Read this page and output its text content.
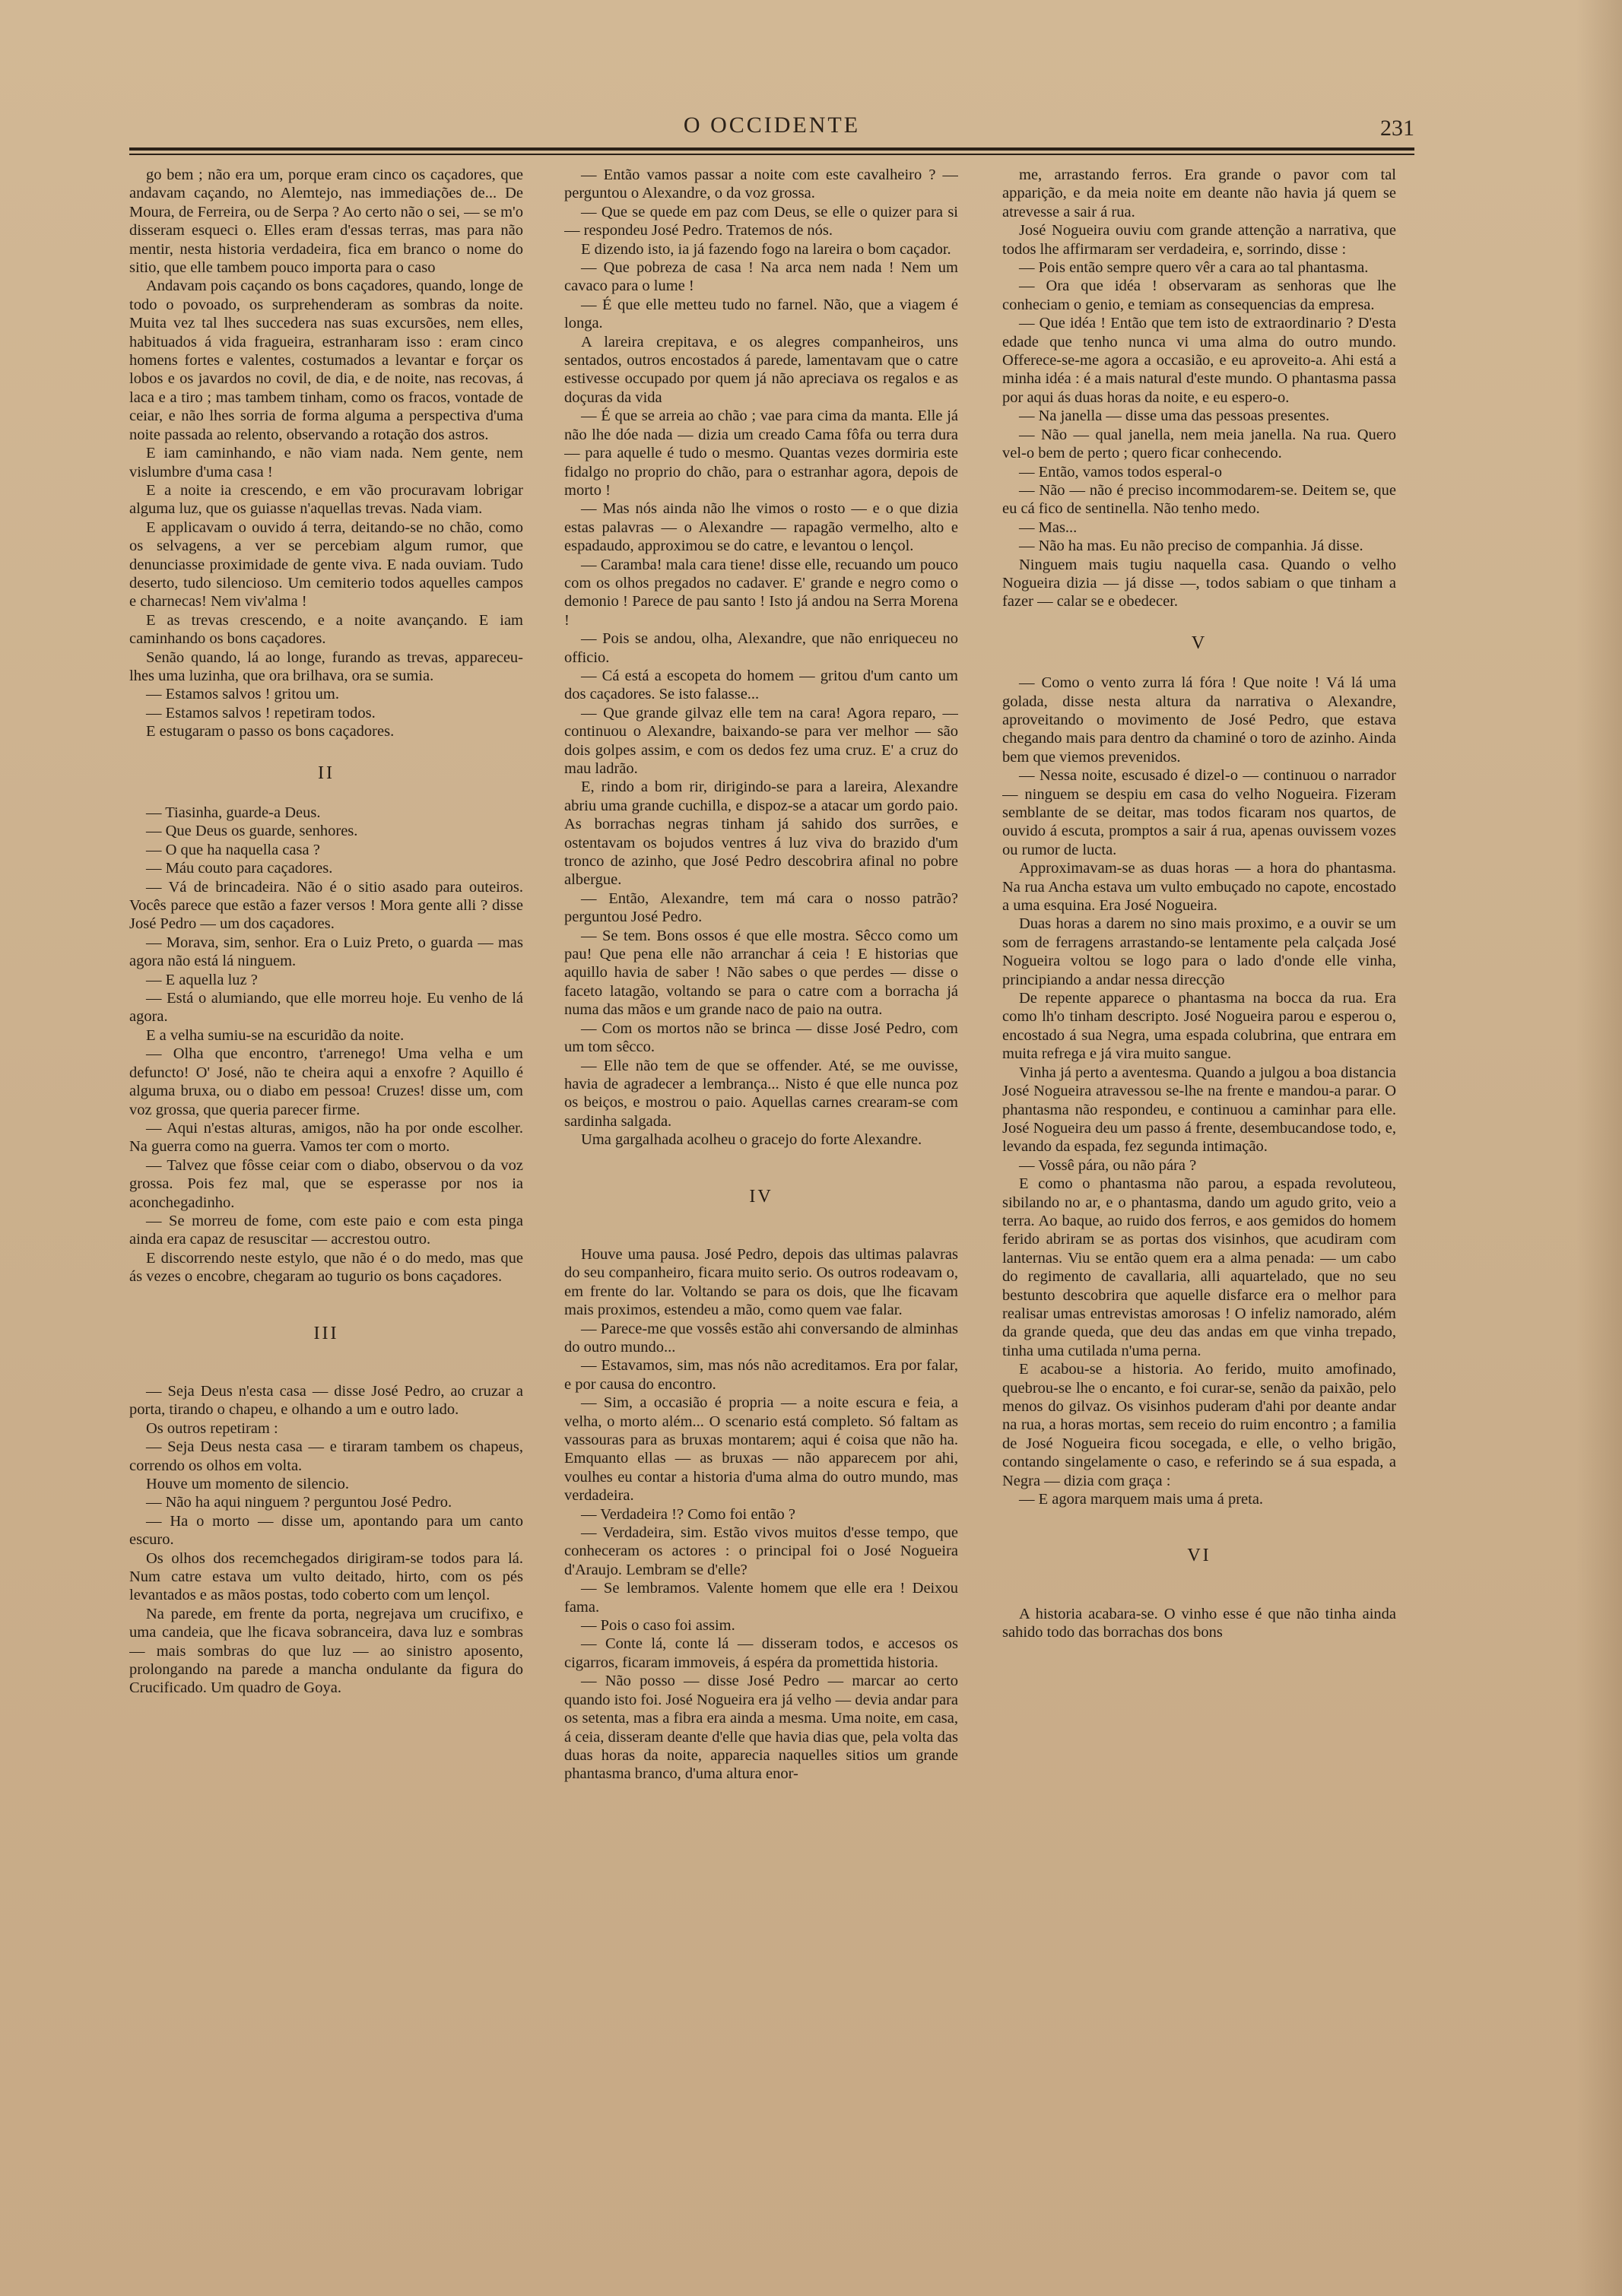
O OCCIDENTE	231

go bem ; não era um, porque eram cinco os caçadores, que andavam caçando, no Alemtejo, nas immediações de... De Moura, de Ferreira, ou de Serpa ? Ao certo não o sei, — se m'o disseram esqueci o. Elles eram d'essas terras, mas para não mentir, nesta historia verdadeira, fica em branco o nome do sitio, que elle tambem pouco importa para o caso

Andavam pois caçando os bons caçadores, quando, longe de todo o povoado, os surprehenderam as sombras da noite. Muita vez tal lhes succedera nas suas excursões, nem elles, habituados á vida fragueira, estranharam isso : eram cinco homens fortes e valentes, costumados a levantar e forçar os lobos e os javardos no covil, de dia, e de noite, nas recovas, á laca e a tiro ; mas tambem tinham, como os fracos, vontade de ceiar, e não lhes sorria de forma alguma a perspectiva d'uma noite passada ao relento, observando a rotação dos astros.

E iam caminhando, e não viam nada. Nem gente, nem vislumbre d'uma casa !

E a noite ia crescendo, e em vão procuravam lobrigar alguma luz, que os guiasse n'aquellas trevas. Nada viam.

E applicavam o ouvido á terra, deitando-se no chão, como os selvagens, a ver se percebiam algum rumor, que denunciasse proximidade de gente viva. E nada ouviam. Tudo deserto, tudo silencioso. Um cemiterio todos aquelles campos e charnecas! Nem viv'alma !

E as trevas crescendo, e a noite avançando. E iam caminhando os bons caçadores.

Senão quando, lá ao longe, furando as trevas, appareceu-lhes uma luzinha, que ora brilhava, ora se sumia.

— Estamos salvos ! gritou um.

— Estamos salvos ! repetiram todos.

E estugaram o passo os bons caçadores.

II

— Tiasinha, guarde-a Deus.

— Que Deus os guarde, senhores.

— O que ha naquella casa ?

— Máu couto para caçadores.

— Vá de brincadeira. Não é o sitio asado para outeiros. Vocês parece que estão a fazer versos ! Mora gente alli ? disse José Pedro — um dos caçadores.

— Morava, sim, senhor. Era o Luiz Preto, o guarda — mas agora não está lá ninguem.

— E aquella luz ?

— Está o alumiando, que elle morreu hoje. Eu venho de lá agora.

E a velha sumiu-se na escuridão da noite.

— Olha que encontro, t'arrenego! Uma velha e um defuncto! O' José, não te cheira aqui a enxofre ? Aquillo é alguma bruxa, ou o diabo em pessoa! Cruzes! disse um, com voz grossa, que queria parecer firme.

— Aqui n'estas alturas, amigos, não ha por onde escolher. Na guerra como na guerra. Vamos ter com o morto.

— Talvez que fôsse ceiar com o diabo, observou o da voz grossa. Pois fez mal, que se esperasse por nos ia aconchegadinho.

— Se morreu de fome, com este paio e com esta pinga ainda era capaz de resuscitar — accrestou outro.

E discorrendo neste estylo, que não é o do medo, mas que ás vezes o encobre, chegaram ao tugurio os bons caçadores.

III

— Seja Deus n'esta casa — disse José Pedro, ao cruzar a porta, tirando o chapeu, e olhando a um e outro lado.

Os outros repetiram :

— Seja Deus nesta casa — e tiraram tambem os chapeus, correndo os olhos em volta.

Houve um momento de silencio.

— Não ha aqui ninguem ? perguntou José Pedro.

— Ha o morto — disse um, apontando para um canto escuro.

Os olhos dos recemchegados dirigiram-se todos para lá. Num catre estava um vulto deitado, hirto, com os pés levantados e as mãos postas, todo coberto com um lençol.

Na parede, em frente da porta, negrejava um crucifixo, e uma candeia, que lhe ficava sobranceira, dava luz e sombras — mais sombras do que luz — ao sinistro aposento, prolongando na parede a mancha ondulante da figura do Crucificado. Um quadro de Goya.

— Então vamos passar a noite com este cavalheiro ? — perguntou o Alexandre, o da voz grossa.

— Que se quede em paz com Deus, se elle o quizer para si — respondeu José Pedro. Tratemos de nós.

E dizendo isto, ia já fazendo fogo na lareira o bom caçador.

— Que pobreza de casa ! Na arca nem nada ! Nem um cavaco para o lume !

— É que elle metteu tudo no farnel. Não, que a viagem é longa.

A lareira crepitava, e os alegres companheiros, uns sentados, outros encostados á parede, lamentavam que o catre estivesse occupado por quem já não apreciava os regalos e as doçuras da vida

— É que se arreia ao chão ; vae para cima da manta. Elle já não lhe dóe nada — dizia um creado Cama fôfa ou terra dura — para aquelle é tudo o mesmo. Quantas vezes dormiria este fidalgo no proprio do chão, para o estranhar agora, depois de morto !

— Mas nós ainda não lhe vimos o rosto — e o que dizia estas palavras — o Alexandre — rapagão vermelho, alto e espadaudo, approximou se do catre, e levantou o lençol.

— Caramba! mala cara tiene! disse elle, recuando um pouco com os olhos pregados no cadaver. E' grande e negro como o demonio ! Parece de pau santo ! Isto já andou na Serra Morena !

— Pois se andou, olha, Alexandre, que não enriqueceu no officio.

— Cá está a escopeta do homem — gritou d'um canto um dos caçadores. Se isto falasse...

— Que grande gilvaz elle tem na cara! Agora reparo, — continuou o Alexandre, baixando-se para ver melhor — são dois golpes assim, e com os dedos fez uma cruz. E' a cruz do mau ladrão.

E, rindo a bom rir, dirigindo-se para a lareira, Alexandre abriu uma grande cuchilla, e dispoz-se a atacar um gordo paio. As borrachas negras tinham já sahido dos surrões, e ostentavam os bojudos ventres á luz viva do brazido d'um tronco de azinho, que José Pedro descobrira afinal no pobre albergue.

— Então, Alexandre, tem má cara o nosso patrão? perguntou José Pedro.

— Se tem. Bons ossos é que elle mostra. Sêcco como um pau! Que pena elle não arranchar á ceia ! E historias que aquillo havia de saber ! Não sabes o que perdes — disse o faceto latagão, voltando se para o catre com a borracha já numa das mãos e um grande naco de paio na outra.

— Com os mortos não se brinca — disse José Pedro, com um tom sêcco.

— Elle não tem de que se offender. Até, se me ouvisse, havia de agradecer a lembrança... Nisto é que elle nunca poz os beiços, e mostrou o paio. Aquellas carnes crearam-se com sardinha salgada.

Uma gargalhada acolheu o gracejo do forte Alexandre.

IV

Houve uma pausa. José Pedro, depois das ultimas palavras do seu companheiro, ficara muito serio. Os outros rodeavam o, em frente do lar. Voltando se para os dois, que lhe ficavam mais proximos, estendeu a mão, como quem vae falar.

— Parece-me que vossês estão ahi conversando de alminhas do outro mundo...

— Estavamos, sim, mas nós não acreditamos. Era por falar, e por causa do encontro.

— Sim, a occasião é propria — a noite escura e feia, a velha, o morto além... O scenario está completo. Só faltam as vassouras para as bruxas montarem; aqui é coisa que não ha. Emquanto ellas — as bruxas — não apparecem por ahi, voulhes eu contar a historia d'uma alma do outro mundo, mas verdadeira.

— Verdadeira !? Como foi então ?

— Verdadeira, sim. Estão vivos muitos d'esse tempo, que conheceram os actores : o principal foi o José Nogueira d'Araujo. Lembram se d'elle?

— Se lembramos. Valente homem que elle era ! Deixou fama.

— Pois o caso foi assim.

— Conte lá, conte lá — disseram todos, e accesos os cigarros, ficaram immoveis, á espéra da promettida historia.

— Não posso — disse José Pedro — marcar ao certo quando isto foi. José Nogueira era já velho — devia andar para os setenta, mas a fibra era ainda a mesma. Uma noite, em casa, á ceia, disseram deante d'elle que havia dias que, pela volta das duas horas da noite, apparecia naquelles sitios um grande phantasma branco, d'uma altura enor-

me, arrastando ferros. Era grande o pavor com tal apparição, e da meia noite em deante não havia já quem se atrevesse a sair á rua.

José Nogueira ouviu com grande attenção a narrativa, que todos lhe affirmaram ser verdadeira, e, sorrindo, disse :

— Pois então sempre quero vêr a cara ao tal phantasma.

— Ora que idéa ! observaram as senhoras que lhe conheciam o genio, e temiam as consequencias da empresa.

— Que idéa ! Então que tem isto de extraordinario ? D'esta edade que tenho nunca vi uma alma do outro mundo. Offerece-se-me agora a occasião, e eu aproveito-a. Ahi está a minha idéa : é a mais natural d'este mundo. O phantasma passa por aqui ás duas horas da noite, e eu espero-o.

— Na janella — disse uma das pessoas presentes.

— Não — qual janella, nem meia janella. Na rua. Quero vel-o bem de perto ; quero ficar conhecendo.

— Então, vamos todos esperal-o

— Não — não é preciso incommodarem-se. Deitem se, que eu cá fico de sentinella. Não tenho medo.

— Mas...

— Não ha mas. Eu não preciso de companhia. Já disse.

Ninguem mais tugiu naquella casa. Quando o velho Nogueira dizia — já disse —, todos sabiam o que tinham a fazer — calar se e obedecer.

V

— Como o vento zurra lá fóra ! Que noite ! Vá lá uma golada, disse nesta altura da narrativa o Alexandre, aproveitando o movimento de José Pedro, que estava chegando mais para dentro da chaminé o toro de azinho. Ainda bem que viemos prevenidos.

— Nessa noite, escusado é dizel-o — continuou o narrador — ninguem se despiu em casa do velho Nogueira. Fizeram semblante de se deitar, mas todos ficaram nos quartos, de ouvido á escuta, promptos a sair á rua, apenas ouvissem vozes ou rumor de lucta.

Approximavam-se as duas horas — a hora do phantasma. Na rua Ancha estava um vulto embuçado no capote, encostado a uma esquina. Era José Nogueira.

Duas horas a darem no sino mais proximo, e a ouvir se um som de ferragens arrastando-se lentamente pela calçada José Nogueira voltou se logo para o lado d'onde elle vinha, principiando a andar nessa direcção

De repente apparece o phantasma na bocca da rua. Era como lh'o tinham descripto. José Nogueira parou e esperou o, encostado á sua Negra, uma espada colubrina, que entrara em muita refrega e já vira muito sangue.

Vinha já perto a aventesma. Quando a julgou a boa distancia José Nogueira atravessou se-lhe na frente e mandou-a parar. O phantasma não respondeu, e continuou a caminhar para elle. José Nogueira deu um passo á frente, desembucandose todo, e, levando da espada, fez segunda intimação.

— Vossê pára, ou não pára ?

E como o phantasma não parou, a espada revoluteou, sibilando no ar, e o phantasma, dando um agudo grito, veio a terra. Ao baque, ao ruido dos ferros, e aos gemidos do homem ferido abriram se as portas dos visinhos, que acudiram com lanternas. Viu se então quem era a alma penada: — um cabo do regimento de cavallaria, alli aquartelado, que no seu bestunto descobrira que aquelle disfarce era o melhor para realisar umas entrevistas amorosas ! O infeliz namorado, além da grande queda, que deu das andas em que vinha trepado, tinha uma cutilada n'uma perna.

E acabou-se a historia. Ao ferido, muito amofinado, quebrou-se lhe o encanto, e foi curar-se, senão da paixão, pelo menos do gilvaz. Os visinhos puderam d'ahi por deante andar na rua, a horas mortas, sem receio do ruim encontro ; a familia de José Nogueira ficou socegada, e elle, o velho brigão, contando singelamente o caso, e referindo se á sua espada, a Negra — dizia com graça :

— E agora marquem mais uma á preta.

VI

A historia acabara-se. O vinho esse é que não tinha ainda sahido todo das borrachas dos bons
